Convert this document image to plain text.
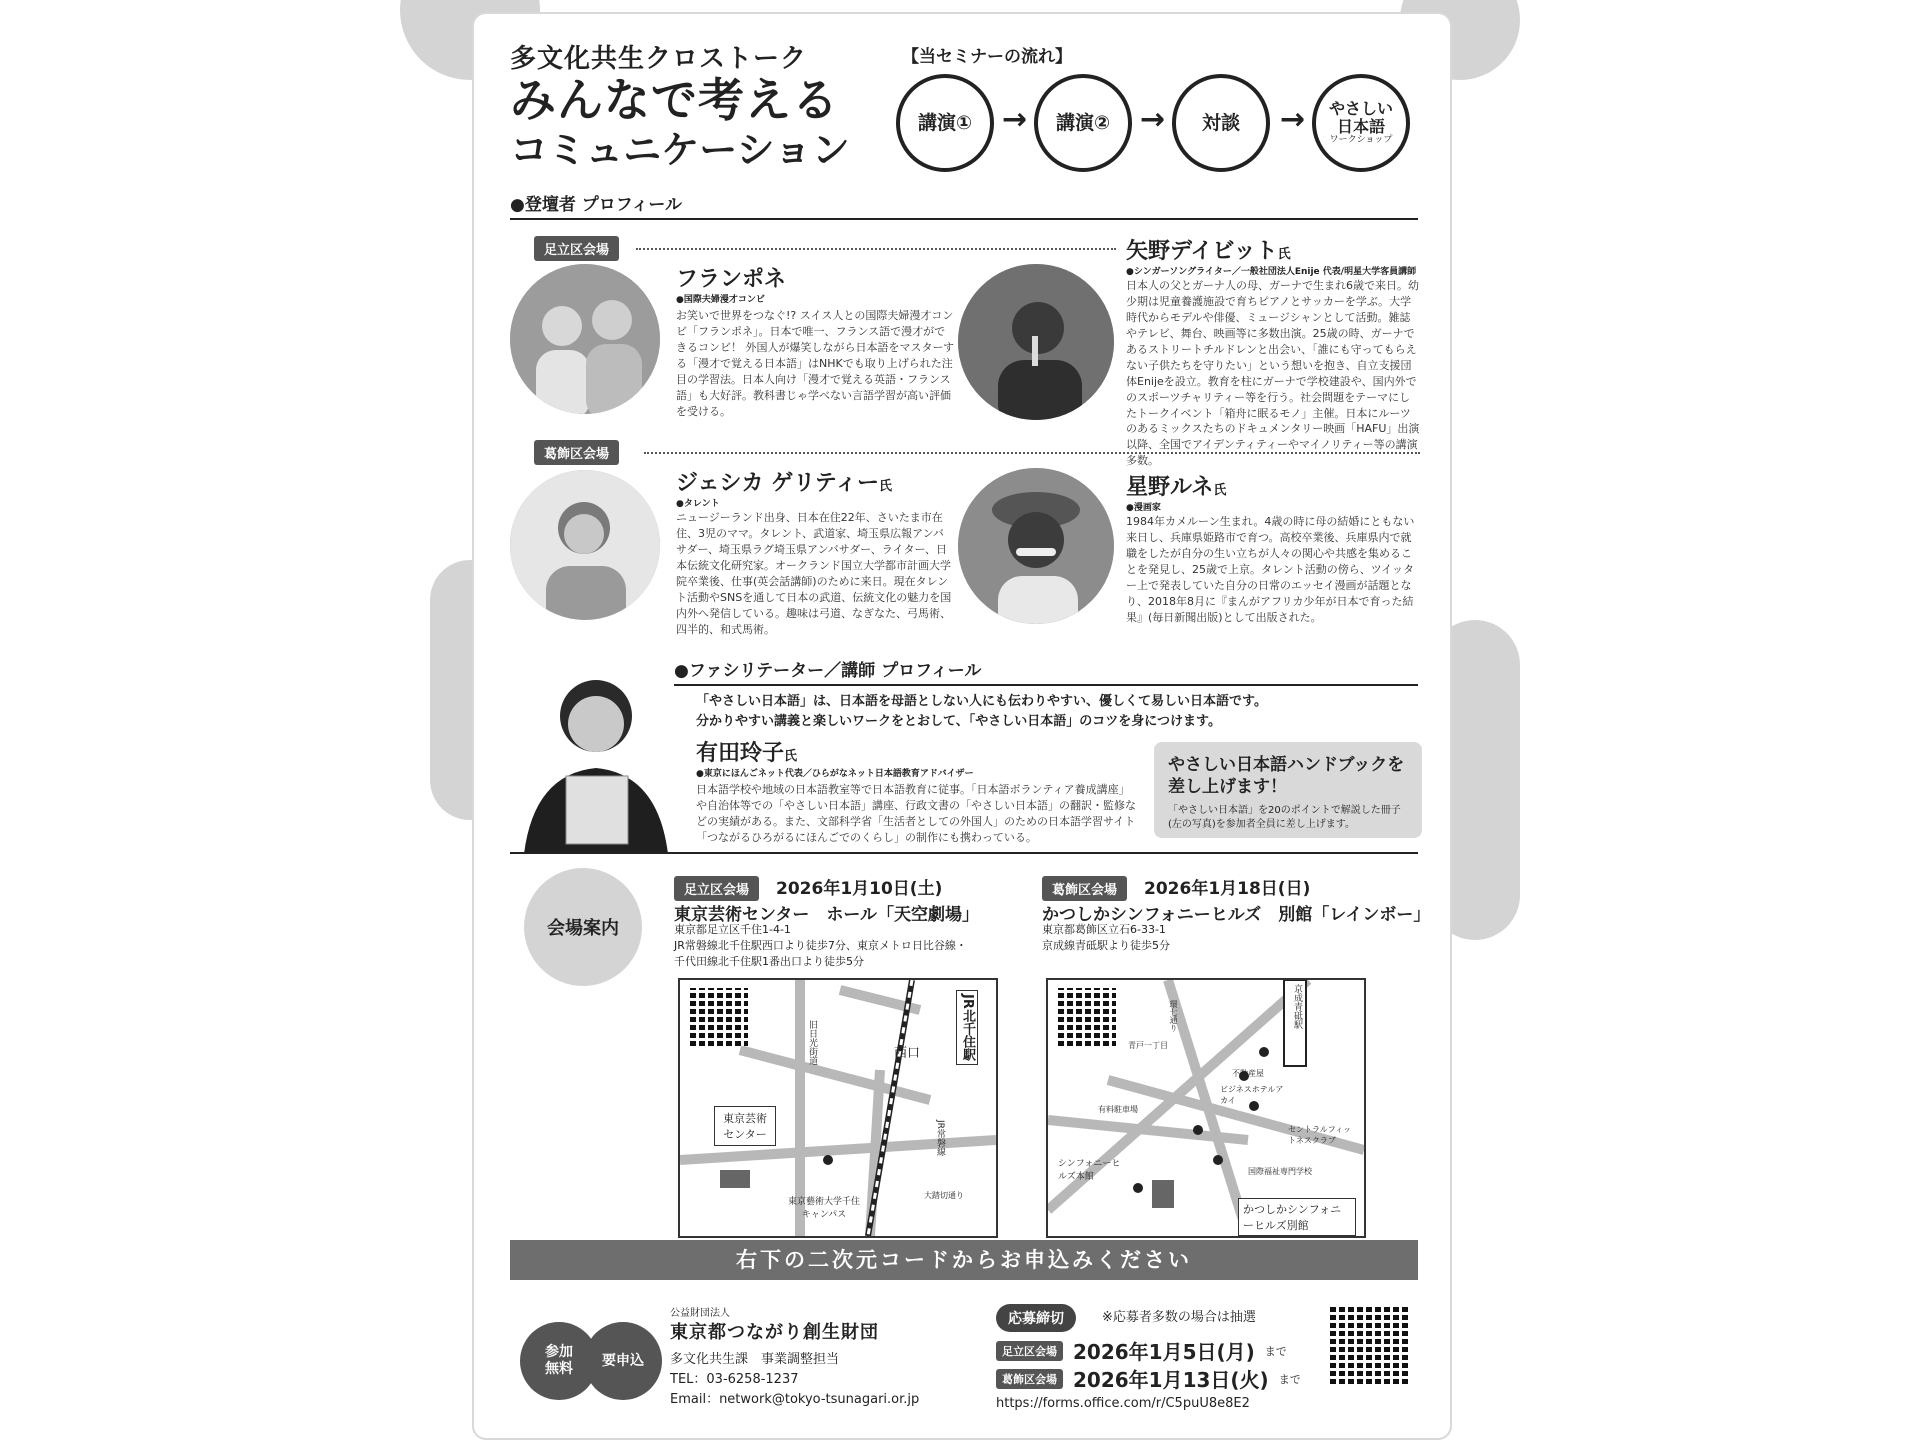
多文化共生クロストーク
みんなで考える
コミュニケーション
【当セミナーの流れ】
講演① → 講演② → 対談 → やさしい日本語
ワークショップ
●登壇者 プロフィール
足立区会場
フランポネ
●国際夫婦漫才コンビ
お笑いで世界をつなぐ!? スイス人との国際夫婦漫才コンビ「フランポネ」。日本で唯一、フランス語で漫才ができるコンビ！ 外国人が爆笑しながら日本語をマスターする「漫才で覚える日本語」はNHKでも取り上げられた注目の学習法。日本人向け「漫才で覚える英語・フランス語」も大好評。教科書じゃ学べない言語学習が高い評価を受ける。
矢野デイビット氏
●シンガーソングライター／一般社団法人Enije 代表/明星大学客員講師
日本人の父とガーナ人の母、ガーナで生まれ6歳で来日。幼少期は児童養護施設で育ちピアノとサッカーを学ぶ。大学時代からモデルや俳優、ミュージシャンとして活動。雑誌やテレビ、舞台、映画等に多数出演。25歳の時、ガーナであるストリートチルドレンと出会い、「誰にも守ってもらえない子供たちを守りたい」という想いを抱き、自立支援団体Enijeを設立。教育を柱にガーナで学校建設や、国内外でのスポーツチャリティー等を行う。社会問題をテーマにしたトークイベント「箱舟に眠るモノ」主催。日本にルーツのあるミックスたちのドキュメンタリー映画「HAFU」出演以降、全国でアイデンティティーやマイノリティー等の講演多数。
葛飾区会場
ジェシカ ゲリティー氏
●タレント
ニュージーランド出身、日本在住22年、さいたま市在住、3児のママ。タレント、武道家、埼玉県広報アンバサダー、埼玉県ラグ埼玉県アンバサダー、ライター、日本伝統文化研究家。オークランド国立大学都市計画大学院卒業後、仕事(英会話講師)のために来日。現在タレント活動やSNSを通して日本の武道、伝統文化の魅力を国内外へ発信している。趣味は弓道、なぎなた、弓馬術、四半的、和式馬術。
星野ルネ氏
●漫画家
1984年カメルーン生まれ。4歳の時に母の結婚にともない来日し、兵庫県姫路市で育つ。高校卒業後、兵庫県内で就職をしたが自分の生い立ちが人々の関心や共感を集めることを発見し、25歳で上京。タレント活動の傍ら、ツイッター上で発表していた自分の日常のエッセイ漫画が話題となり、2018年8月に『まんがアフリカ少年が日本で育った結果』(毎日新聞出版)として出版された。
●ファシリテーター／講師 プロフィール
「やさしい日本語」は、日本語を母語としない人にも伝わりやすい、優しくて易しい日本語です。
分かりやすい講義と楽しいワークをとおして、「やさしい日本語」のコツを身につけます。
有田玲子氏
●東京にほんごネット代表／ひらがなネット日本語教育アドバイザー
日本語学校や地域の日本語教室等で日本語教育に従事。「日本語ボランティア養成講座」や自治体等での「やさしい日本語」講座、行政文書の「やさしい日本語」の翻訳・監修などの実績がある。また、文部科学省「生活者としての外国人」のための日本語学習サイト「つながるひろがるにほんごでのくらし」の制作にも携わっている。
やさしい日本語ハンドブックを差し上げます！
「やさしい日本語」を20のポイントで解説した冊子(左の写真)を参加者全員に差し上げます。
会場案内
足立区会場	2026年1月10日(土)
東京芸術センター　ホール「天空劇場」
東京都足立区千住1-4-1
JR常磐線北千住駅西口より徒歩7分、東京メトロ日比谷線・
千代田線北千住駅1番出口より徒歩5分
葛飾区会場	2026年1月18日(日)
かつしかシンフォニーヒルズ　別館「レインボー」
東京都葛飾区立石6-33-1
京成線青砥駅より徒歩5分
JR北千住駅
西口
東京芸術センター
東京藝術大学千住キャンパス
JR常磐線
旧日光街道
大踏切通り
京成青砥駅
不動産屋
ビジネスホテルアカイ
有料駐車場
セントラルフィットネスクラブ
シンフォニーヒルズ本館
国際福祉専門学校
青戸一丁目
環七通り
かつしかシンフォニーヒルズ別館
右下の二次元コードからお申込みください
参加無料
要申込
公益財団法人
東京都つながり創生財団
多文化共生課　事業調整担当
TEL：03-6258-1237
Email：network@tokyo-tsunagari.or.jp
応募締切	※応募者多数の場合は抽選
足立区会場 2026年1月5日(月) まで
葛飾区会場 2026年1月13日(火) まで
https://forms.office.com/r/C5puU8e8E2
